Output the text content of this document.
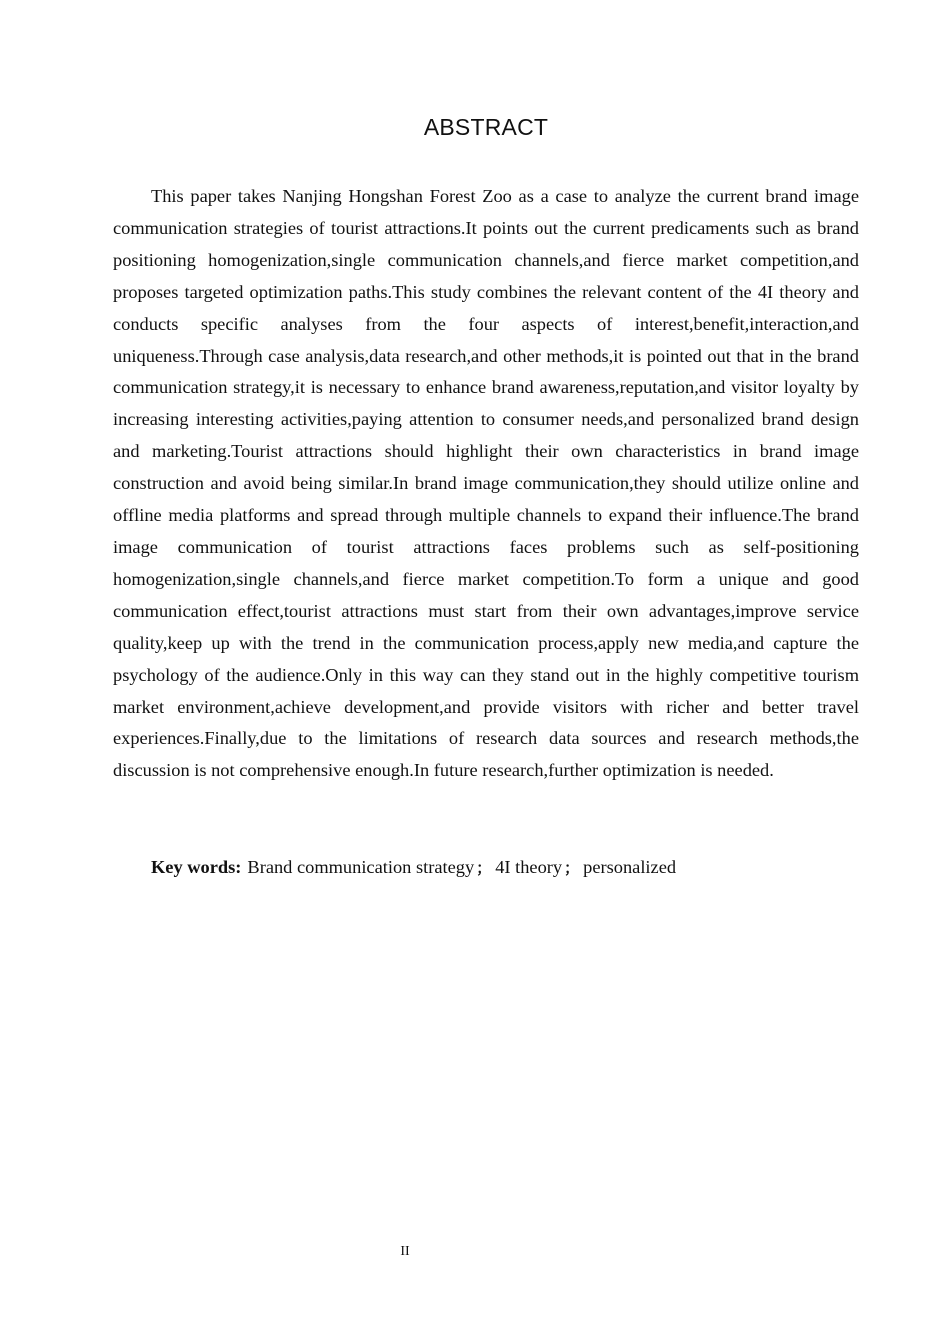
ABSTRACT

This paper takes Nanjing Hongshan Forest Zoo as a case to analyze the current brand image communication strategies of tourist attractions.It points out the current predicaments such as brand positioning homogenization,single communication channels,and fierce market competition,and proposes targeted optimization paths.This study combines the relevant content of the 4I theory and conducts specific analyses from the four aspects of interest,benefit,interaction,and uniqueness.Through case analysis,data research,and other methods,it is pointed out that in the brand communication strategy,it is necessary to enhance brand awareness,reputation,and visitor loyalty by increasing interesting activities,paying attention to consumer needs,and personalized brand design and marketing.Tourist attractions should highlight their own characteristics in brand image construction and avoid being similar.In brand image communication,they should utilize online and offline media platforms and spread through multiple channels to expand their influence.The brand image communication of tourist attractions faces problems such as self-positioning homogenization,single channels,and fierce market competition.To form a unique and good communication effect,tourist attractions must start from their own advantages,improve service quality,keep up with the trend in the communication process,apply new media,and capture the psychology of the audience.Only in this way can they stand out in the highly competitive tourism market environment,achieve development,and provide visitors with richer and better travel experiences.Finally,due to the limitations of research data sources and research methods,the discussion is not comprehensive enough.In future research,further optimization is needed.

Key words: Brand communication strategy ； 4I theory ； personalized

II
